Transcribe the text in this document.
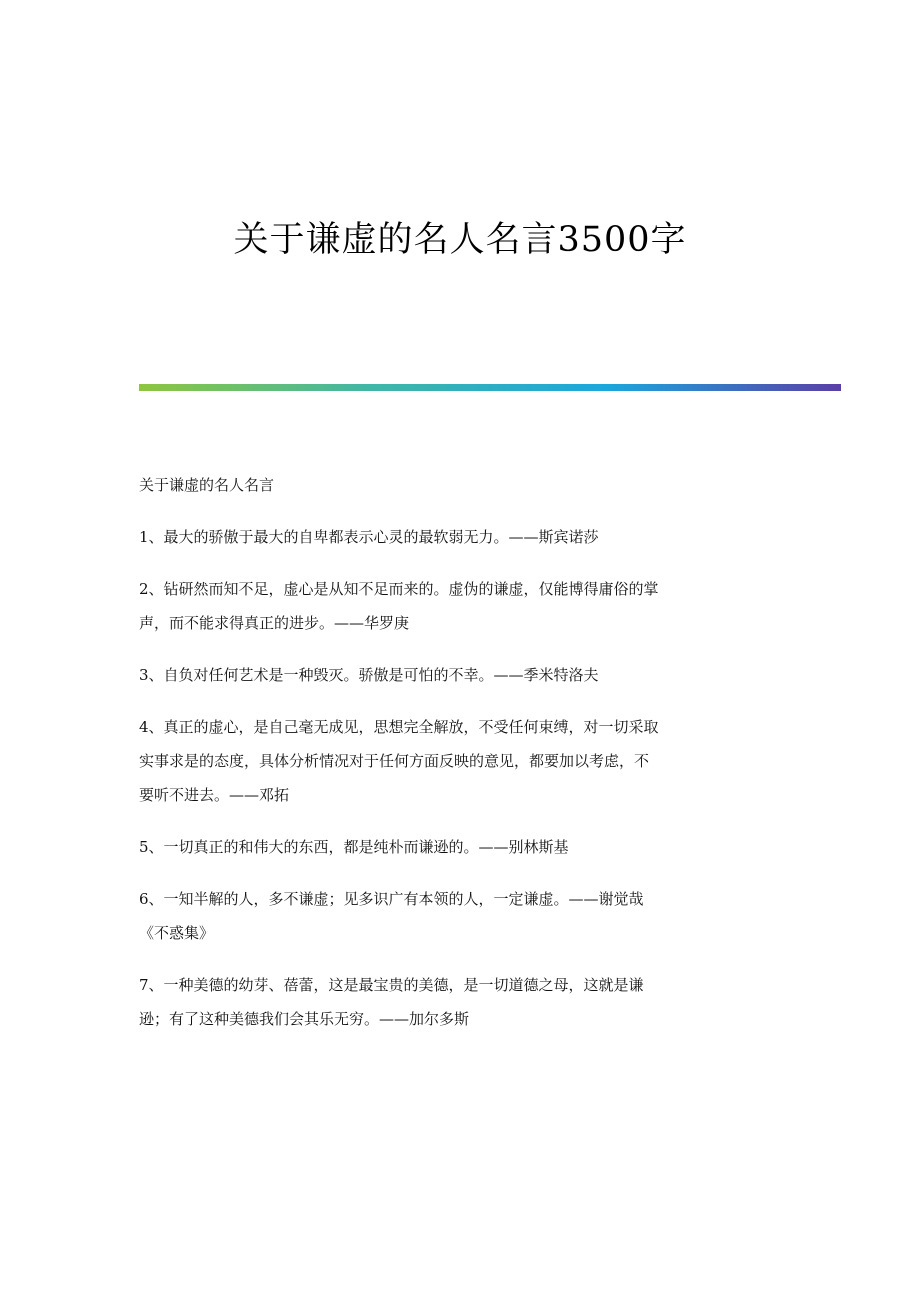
关于谦虚的名人名言3500字

关于谦虚的名人名言

1、最大的骄傲于最大的自卑都表示心灵的最软弱无力。——斯宾诺莎

2、钻研然而知不足，虚心是从知不足而来的。虚伪的谦虚，仅能博得庸俗的掌
声，而不能求得真正的进步。——华罗庚

3、自负对任何艺术是一种毁灭。骄傲是可怕的不幸。——季米特洛夫

4、真正的虚心，是自己毫无成见，思想完全解放，不受任何束缚，对一切采取
实事求是的态度，具体分析情况对于任何方面反映的意见，都要加以考虑，不
要听不进去。——邓拓

5、一切真正的和伟大的东西，都是纯朴而谦逊的。——别林斯基

6、一知半解的人，多不谦虚；见多识广有本领的人，一定谦虚。——谢觉哉
《不惑集》

7、一种美德的幼芽、蓓蕾，这是最宝贵的美德，是一切道德之母，这就是谦
逊；有了这种美德我们会其乐无穷。——加尔多斯
